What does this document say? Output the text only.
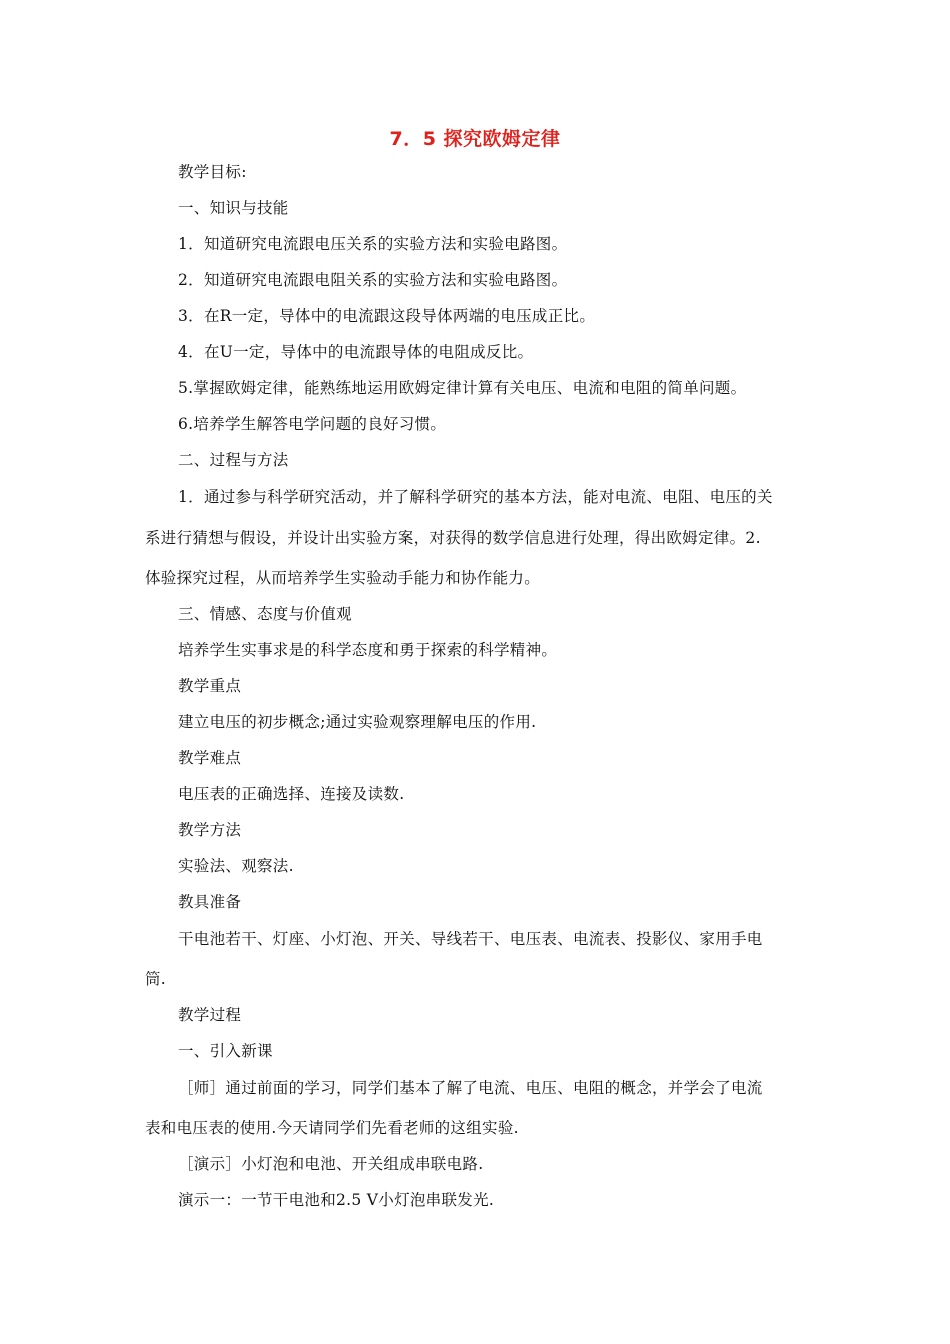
7．5 探究欧姆定律
教学目标:
一、知识与技能
1．知道研究电流跟电压关系的实验方法和实验电路图。
2．知道研究电流跟电阻关系的实验方法和实验电路图。
3．在R一定，导体中的电流跟这段导体两端的电压成正比。
4．在U一定，导体中的电流跟导体的电阻成反比。
5.掌握欧姆定律，能熟练地运用欧姆定律计算有关电压、电流和电阻的简单问题。
6.培养学生解答电学问题的良好习惯。
二、过程与方法
1．通过参与科学研究活动，并了解科学研究的基本方法，能对电流、电阻、电压的关
系进行猜想与假设，并设计出实验方案，对获得的数学信息进行处理，得出欧姆定律。2.
体验探究过程，从而培养学生实验动手能力和协作能力。
三、情感、态度与价值观
培养学生实事求是的科学态度和勇于探索的科学精神。
教学重点
建立电压的初步概念;通过实验观察理解电压的作用.
教学难点
电压表的正确选择、连接及读数.
教学方法
实验法、观察法.
教具准备
干电池若干、灯座、小灯泡、开关、导线若干、电压表、电流表、投影仪、家用手电
筒.
教学过程
一、引入新课
［师］通过前面的学习，同学们基本了解了电流、电压、电阻的概念，并学会了电流
表和电压表的使用.今天请同学们先看老师的这组实验.
［演示］小灯泡和电池、开关组成串联电路.
演示一：一节干电池和2.5 V小灯泡串联发光.
